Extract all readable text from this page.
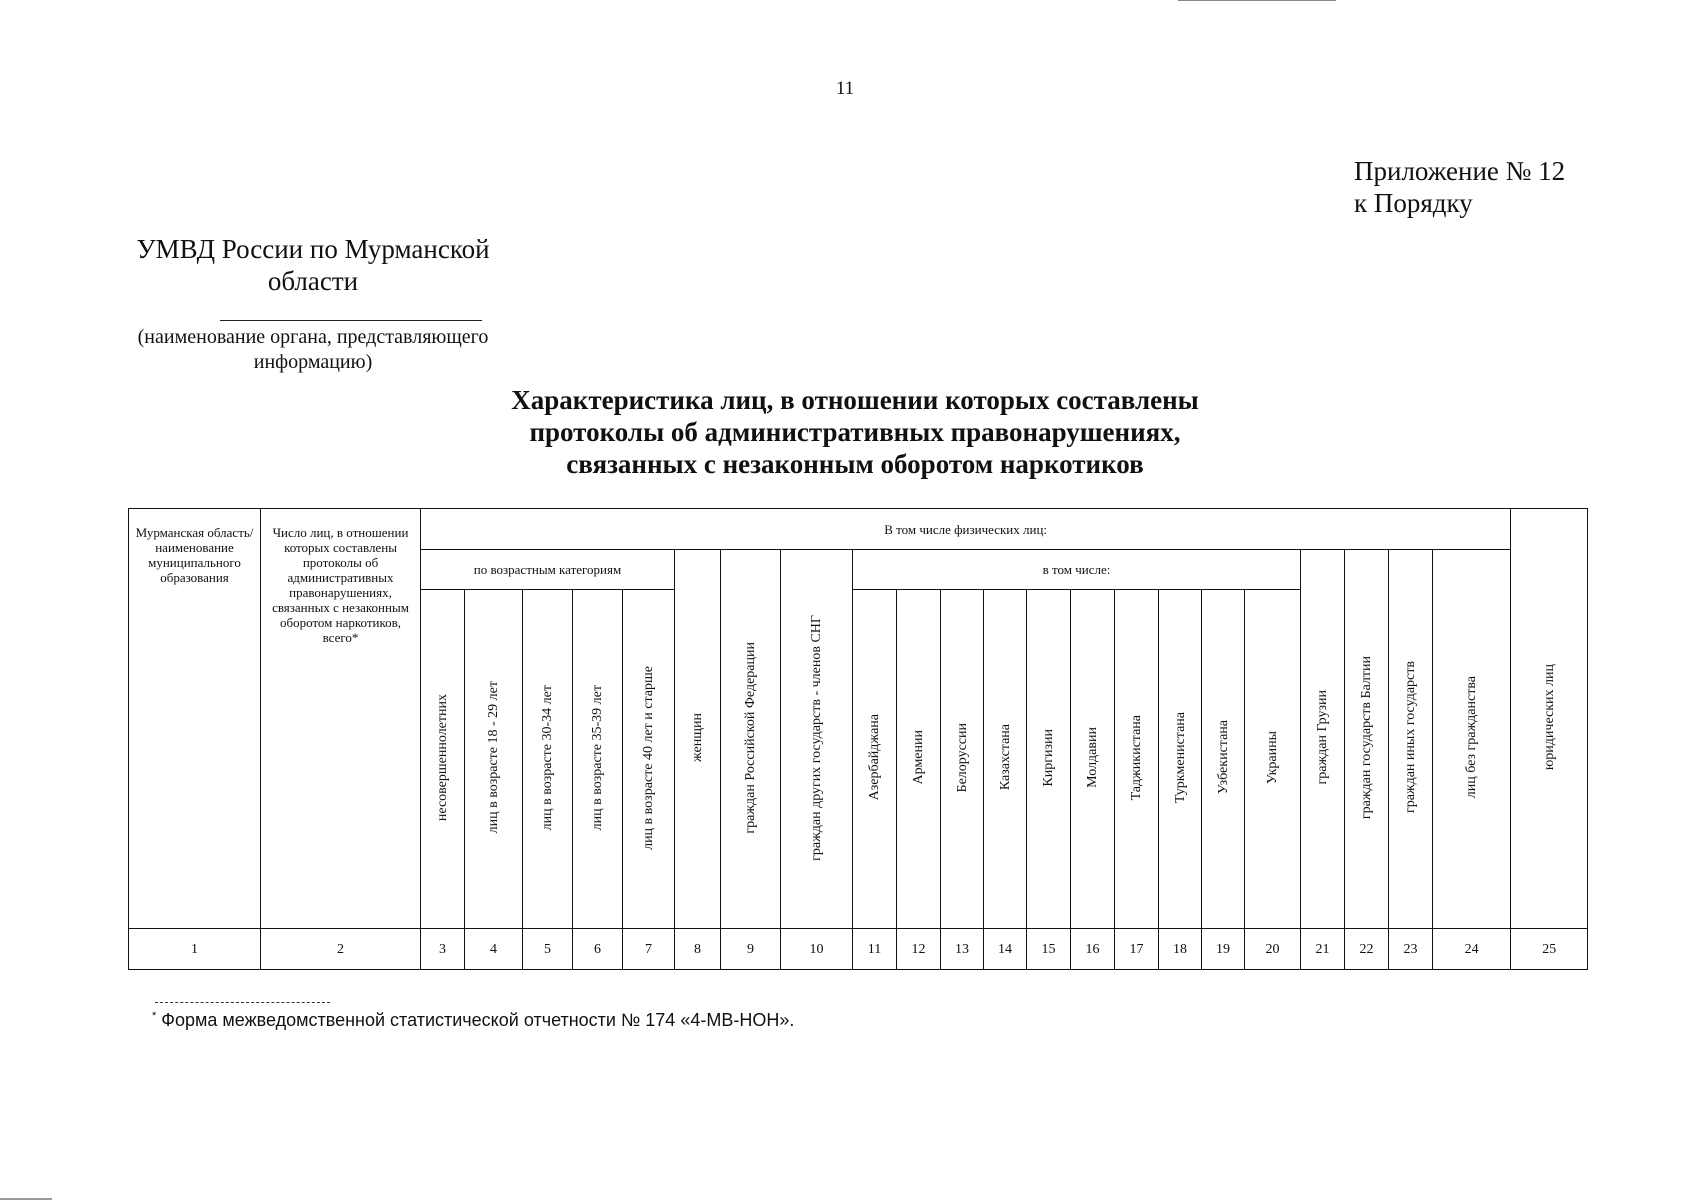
11
Приложение № 12
к Порядку
УМВД России по Мурманской
области
(наименование органа, представляющего
информацию)
Характеристика лиц, в отношении которых составлены
протоколы об административных правонарушениях,
связанных с незаконным оборотом наркотиков
Мурманская область/ наименование муниципального образования	Число лиц, в отношении которых составлены протоколы об административных правонарушениях, связанных с незаконным оборотом наркотиков, всего*	В том числе физических лиц:																						юридических лиц
		по возрастным категориям					женщин	граждан Российской Федерации	граждан других государств - членов СНГ	в том числе:										граждан Грузии	граждан государств Балтии	граждан иных государств	лиц без гражданства	
		несовершеннолетних	лиц в возрасте 18 - 29 лет	лиц в возрасте 30-34 лет	лиц в возрасте 35-39 лет	лиц в возрасте 40 лет и старше				Азербайджана	Армении	Белоруссии	Казахстана	Киргизии	Молдавии	Таджикистана	Туркменистана	Узбекистана	Украины					
1	2	3	4	5	6	7	8	9	10	11	12	13	14	15	16	17	18	19	20	21	22	23	24	25
* Форма межведомственной статистической отчетности № 174 «4-МВ-НОН».
